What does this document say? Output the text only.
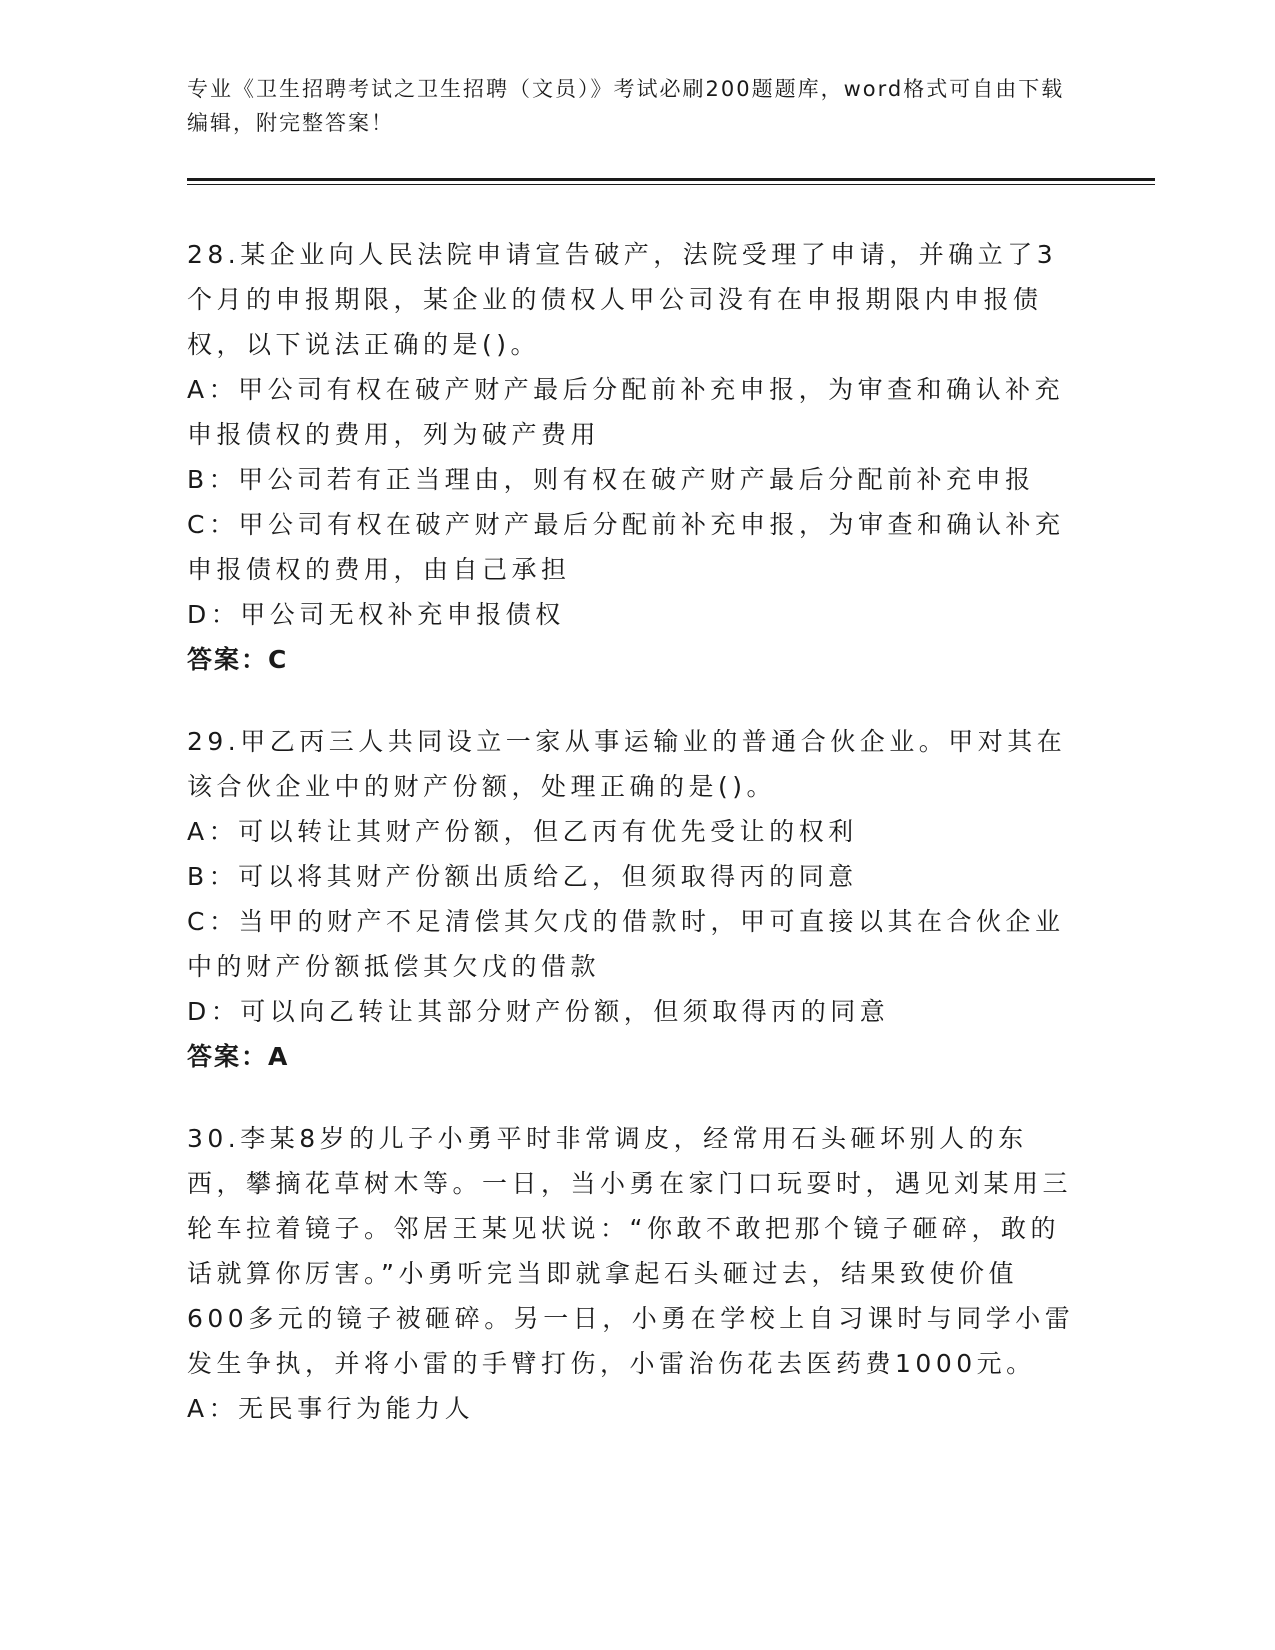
专业《卫生招聘考试之卫生招聘（文员）》考试必刷200题题库，word格式可自由下载编辑，附完整答案！

28.某企业向人民法院申请宣告破产，法院受理了申请，并确立了3个月的申报期限，某企业的债权人甲公司没有在申报期限内申报债权，以下说法正确的是()。

A：甲公司有权在破产财产最后分配前补充申报，为审查和确认补充申报债权的费用，列为破产费用

B：甲公司若有正当理由，则有权在破产财产最后分配前补充申报

C：甲公司有权在破产财产最后分配前补充申报，为审查和确认补充申报债权的费用，由自己承担

D：甲公司无权补充申报债权

答案：C

29.甲乙丙三人共同设立一家从事运输业的普通合伙企业。甲对其在该合伙企业中的财产份额，处理正确的是()。

A：可以转让其财产份额，但乙丙有优先受让的权利

B：可以将其财产份额出质给乙，但须取得丙的同意

C：当甲的财产不足清偿其欠戊的借款时，甲可直接以其在合伙企业中的财产份额抵偿其欠戊的借款

D：可以向乙转让其部分财产份额，但须取得丙的同意

答案：A

30.李某8岁的儿子小勇平时非常调皮，经常用石头砸坏别人的东西，攀摘花草树木等。一日，当小勇在家门口玩耍时，遇见刘某用三轮车拉着镜子。邻居王某见状说：“你敢不敢把那个镜子砸碎，敢的话就算你厉害。”小勇听完当即就拿起石头砸过去，结果致使价值600多元的镜子被砸碎。另一日，小勇在学校上自习课时与同学小雷发生争执，并将小雷的手臂打伤，小雷治伤花去医药费1000元。

A：无民事行为能力人
